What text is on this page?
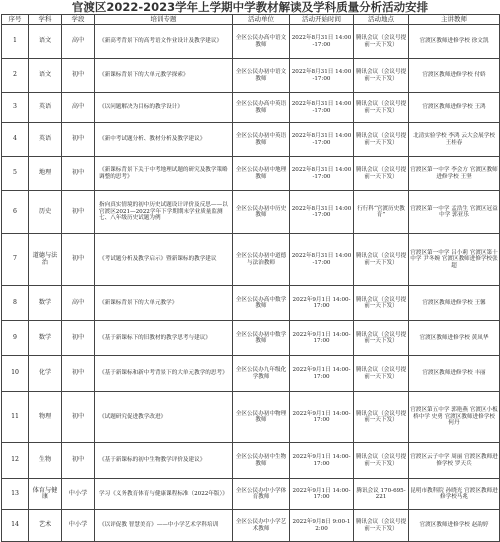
官渡区2022-2023学年上学期中学教材解读及学科质量分析活动安排
序号	学科	学段	培训专题	活动单位	活动开始时间	活动地点	主讲教师
1	语文	高中	《新高考背景下的高考语文作业设计及教学建议》	全区公民办高中语文教师	2022年8月31日 14:00-17:00	腾讯会议（会议号提前一天下发）	官渡区教师进修学校 徐文凯
2	语文	初中	《新课标背景下的大单元教学探索》	全区公民办初中语文教师	2022年8月31日 14:00-17:00	腾讯会议（会议号提前一天下发）	官渡区教师进修学校 付娇
3	英语	高中	《以问题解决为目标的教学设计》	全区公民办高中英语教师	2022年8月31日 14:00-17:00	腾讯会议（会议号提前一天下发）	官渡区教师进修学校 王鸿
4	英语	初中	《新中考试题分析、教材分析及教学建议》	全区公民办初中英语教师	2022年8月31日 14:00-17:00	腾讯会议（会议号提前一天下发）	北清实验学校 李鸿 云大会展学校 王桂春
5	地理	初中	《新课标背景下关于中考地理试题的研究及教学策略调整的思考》	全区公民办初中地理教师	2022年8月31日 14:00-17:00	腾讯会议（会议号提前一天下发）	官渡区第一中学 李会方 官渡区教师进修学校 王坚
6	历史	初中	指向真实情境的初中历史试题设计评价及反思——以官渡区2021—2022学年下学期期末学业质量监测七、八年级历史试题为例	全区公民办初中历史教师	2022年8月31日 14:00-17:00	行行科“官渡历史教育”	官渡区第一中学 孟浩生 官渡区冠益中学 郭亚乐
7	道德与法治	初中	《考试题分析及教学启示》暨新课标的教学建议	全区公民办初中道德与法治教师	2022年8月31日 14:00-17:00	腾讯会议（会议号提前一天下发）	官渡区第一中学 吕小莉 官渡区第十中学 尹冬婉 官渡区教师进修学校张超
8	数学	高中	《新课标背景下的大单元教学》	全区公民办高中数学教师	2022年9月1日 14:00-17:00	腾讯会议（会议号提前一天下发）	官渡区教师进修学校 王馨
9	数学	初中	《基于新课标下的旧教材的教学思考与建议》	全区公民办初中数学教师	2022年9月1日 14:00-17:00	腾讯会议（会议号提前一天下发）	官渡区教师进修学校 黄凤华
10	化学	初中	《基于新课标和新中考背景下的大单元教学的思考》	全区公民办九年级化学教师	2022年9月1日 14:00-17:00	腾讯会议（会议号提前一天下发）	官渡区教师进修学校 丰丽
11	物理	初中	《试题研究促进教学改进》	全区公民办初中物理教师	2022年9月1日 14:00-17:00	腾讯会议（会议号提前一天下发）	官渡区第五中学 郭艳燕 官渡区小板桥中学 史勇 官渡区教师进修学校 何丹
12	生物	初中	《基于新课标的初中生物教学评价及建议》	全区公民办初中生物教师	2022年9月1日 14:00-17:00	腾讯会议（会议号提前一天下发）	官渡区云子中学 周丽 官渡区教师进修学校 罗天兵
13	体育与健康	中小学	学习《义务教育体育与健康课程标准（2022年版）》	全区公民办中小学体育教师	2022年9月1日 14:00-17:00	腾讯会议 170-695-221	昆明市教科院 孙晓光 官渡区教师进修学校马兆
14	艺术	中小学	《以评促教 智慧美育》——中小学艺术学科培训	全区公民办中小学艺术教师	2022年9月8日 9:00-12:00	腾讯会议（会议号提前一天下发）	官渡区教师进修学校 赵韵婷
